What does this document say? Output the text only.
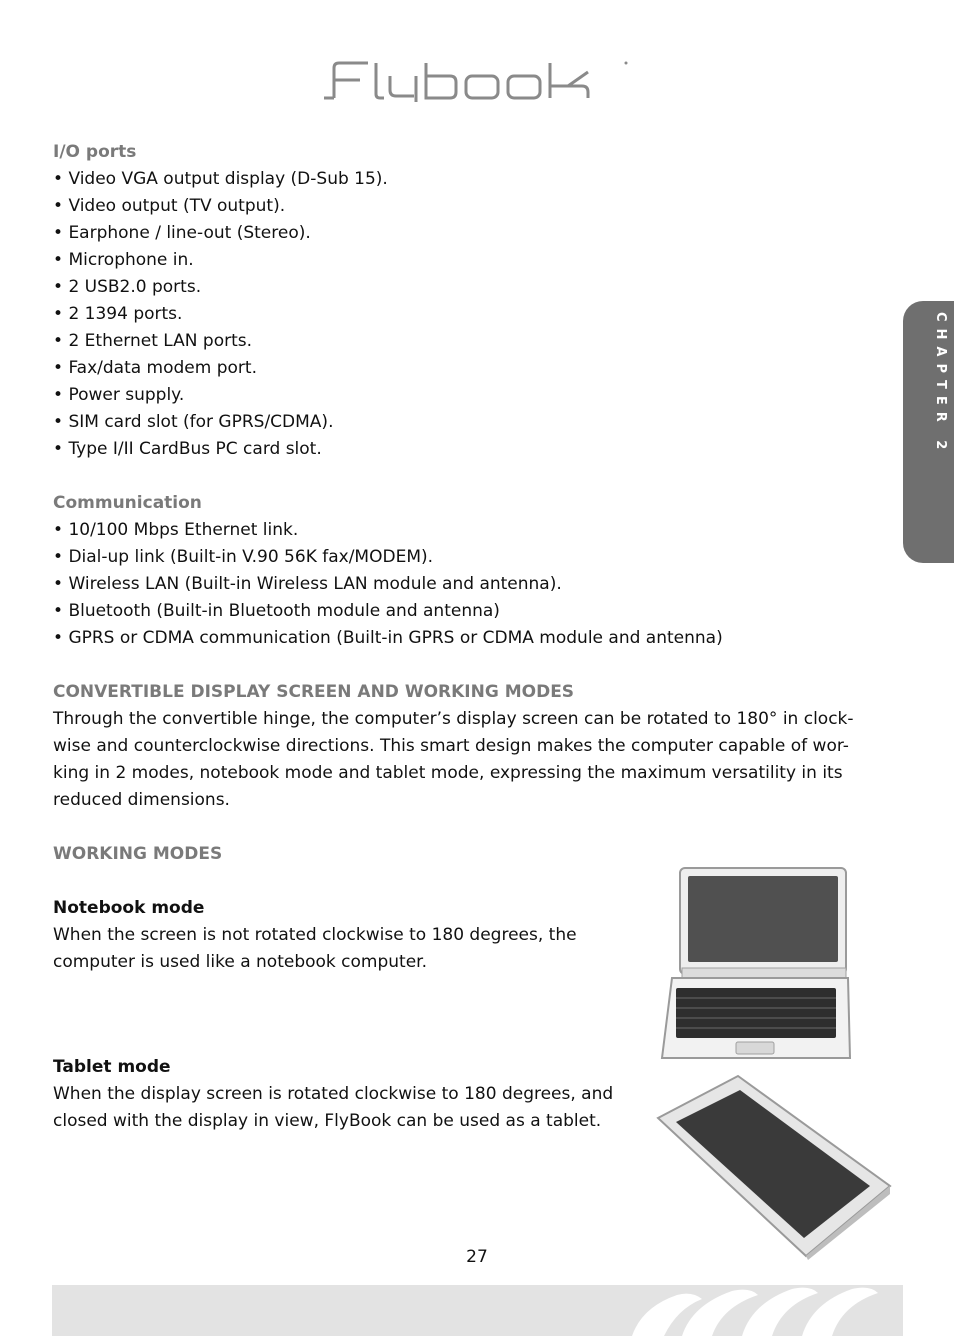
CHAPTER 2
I/O ports
• Video VGA output display (D-Sub 15).
• Video output (TV output).
• Earphone / line-out (Stereo).
• Microphone in.
• 2 USB2.0 ports.
• 2 1394 ports.
• 2 Ethernet LAN ports.
• Fax/data modem port.
• Power supply.
• SIM card slot (for GPRS/CDMA).
• Type I/II CardBus PC card slot.
Communication
• 10/100 Mbps Ethernet link.
• Dial-up link (Built-in V.90 56K fax/MODEM).
• Wireless LAN (Built-in Wireless LAN module and antenna).
• Bluetooth (Built-in Bluetooth module and antenna)
• GPRS or CDMA communication (Built-in GPRS or CDMA module and antenna)
CONVERTIBLE DISPLAY SCREEN AND WORKING MODES
Through the convertible hinge, the computer’s display screen can be rotated to 180° in clock-
wise and counterclockwise directions. This smart design makes the computer capable of wor-
king in 2 modes, notebook mode and tablet mode, expressing the maximum versatility in its
reduced dimensions.
WORKING MODES
Notebook mode
When the screen is not rotated clockwise to 180 degrees, the
computer is used like a notebook computer.
Tablet mode
When the display screen is rotated clockwise to 180 degrees, and
closed with the display in view, FlyBook can be used as a tablet.
27
